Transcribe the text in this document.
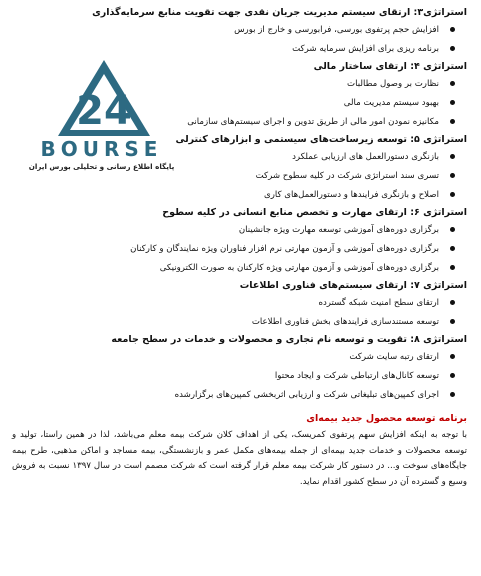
استراتژی۳: ارتقای سیستم مدیریت جریان نقدی جهت تقویت منابع سرمایه‌گذاری
افزایش حجم پرتفوی بورسی، فرابورسی و خارج از بورس
برنامه ریزی برای افزایش سرمایه شرکت
استراتژی ۴: ارتقای ساختار مالی
نظارت بر وصول مطالبات
بهبود سیستم مدیریت مالی
مکانیزه نمودن امور مالی از طریق تدوین و اجرای سیستم‌های سازمانی
استراتژی ۵: توسعه زیرساخت‌های سیستمی و ابزارهای کنترلی
بازنگری دستورالعمل های ارزیابی عملکرد
تسری سند استراتژی شرکت در کلیه سطوح شرکت
اصلاح و بازنگری فرایندها و دستورالعمل‌های کاری
استراتژی ۶: ارتقای مهارت و تخصص منابع انسانی در کلیه سطوح
برگزاری دوره‌های آموزشی توسعه مهارت ویژه جانشینان
برگزاری دوره‌های آموزشی و آزمون مهارتی نرم افزار فناوران ویژه نمایندگان و کارکنان
برگزاری دوره‌های آموزشی و آزمون مهارتی ویژه کارکنان به صورت الکترونیکی
استراتژی ۷: ارتقای سیستم‌های فناوری اطلاعات
ارتقای سطح امنیت شبکه گسترده
توسعه مستندسازی فرایندهای بخش فناوری اطلاعات
استراتژی ۸: تقویت و توسعه نام تجاری و محصولات و خدمات در سطح جامعه
ارتقای رتبه سایت شرکت
توسعه کانال‌های ارتباطی شرکت و ایجاد محتوا
اجرای کمپین‌های تبلیغاتی شرکت و ارزیابی اثربخشی کمپین‌های برگزارشده
برنامه توسعه محصول جدید بیمه‌ای

با توجه به اینکه افزایش سهم پرتفوی کمریسک، یکی از اهداف کلان شرکت بیمه معلم می‌باشد، لذا در همین راستا، تولید و توسعه محصولات و خدمات جدید بیمه‌ای از جمله بیمه‌های مکمل عمر و بازنشستگی، بیمه مساجد و اماکن مذهبی، طرح بیمه جایگاه‌های سوخت و... در دستور کار شرکت بیمه معلم قرار گرفته است که شرکت مصمم است در سال ۱۳۹۷ نسبت به فروش وسیع و گسترده آن در سطح کشور اقدام نماید.

24
BOURSE
پایگاه اطلاع رسانی و تحلیلی بورس ایران
